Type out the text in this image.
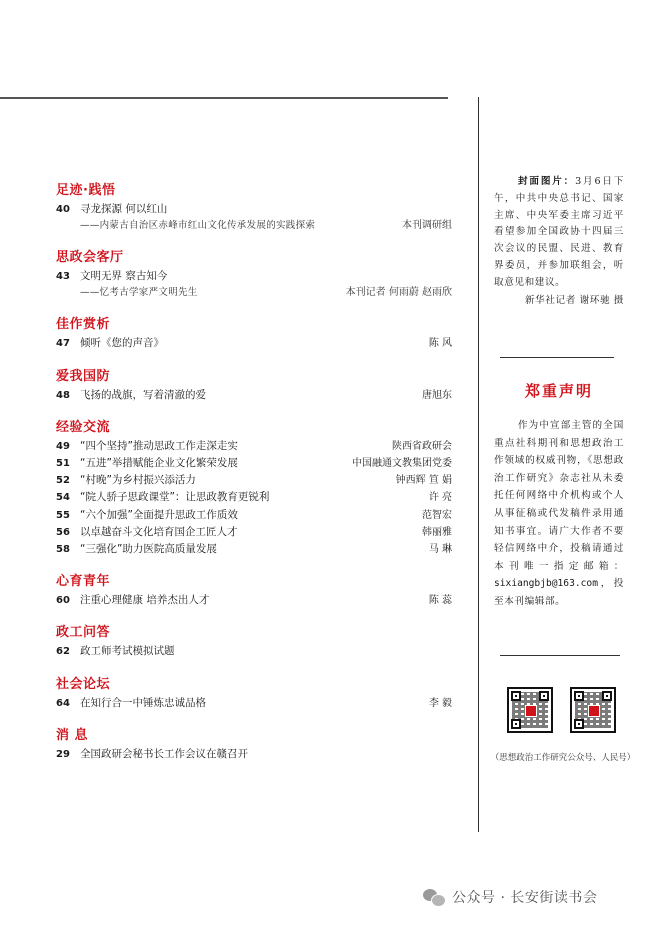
足迹·践悟
40 寻龙探源 何以红山
——内蒙古自治区赤峰市红山文化传承发展的实践探索	本刊调研组
思政会客厅
43 文明无界 察古知今
——忆考古学家严文明先生	本刊记者 何雨蔚 赵雨欣
佳作赏析
47 倾听《您的声音》	陈 风
爱我国防
48 飞扬的战旗，写着清澈的爱	唐旭东
经验交流
49 “四个坚持”推动思政工作走深走实	陕西省政研会
51 “五进”举措赋能企业文化繁荣发展	中国融通文教集团党委
52 “村晚”为乡村振兴添活力	钟西辉 笪 娟
54 “院人骄子思政课堂”：让思政教育更锐利	许 亮
55 “六个加强”全面提升思政工作质效	范智宏
56 以卓越奋斗文化培育国企工匠人才	韩丽雅
58 “三强化”助力医院高质量发展	马 琳
心育青年
60 注重心理健康 培养杰出人才	陈 蕊
政工问答
62 政工师考试模拟试题
社会论坛
64 在知行合一中锤炼忠诚品格	李 毅
消 息
29 全国政研会秘书长工作会议在赣召开
封面图片：3月6日下午，中共中央总书记、国家主席、中央军委主席习近平看望参加全国政协十四届三次会议的民盟、民进、教育界委员，并参加联组会，听取意见和建议。
新华社记者 谢环驰 摄
郑重声明

作为中宣部主管的全国重点社科期刊和思想政治工作领域的权威刊物，《思想政治工作研究》杂志社从未委托任何网络中介机构或个人从事征稿或代发稿件录用通知书事宜。请广大作者不要轻信网络中介，投稿请通过本刊唯一指定邮箱：sixiangbjb@163.com，投至本刊编辑部。

（思想政治工作研究公众号、人民号）
公众号 · 长安街读书会
